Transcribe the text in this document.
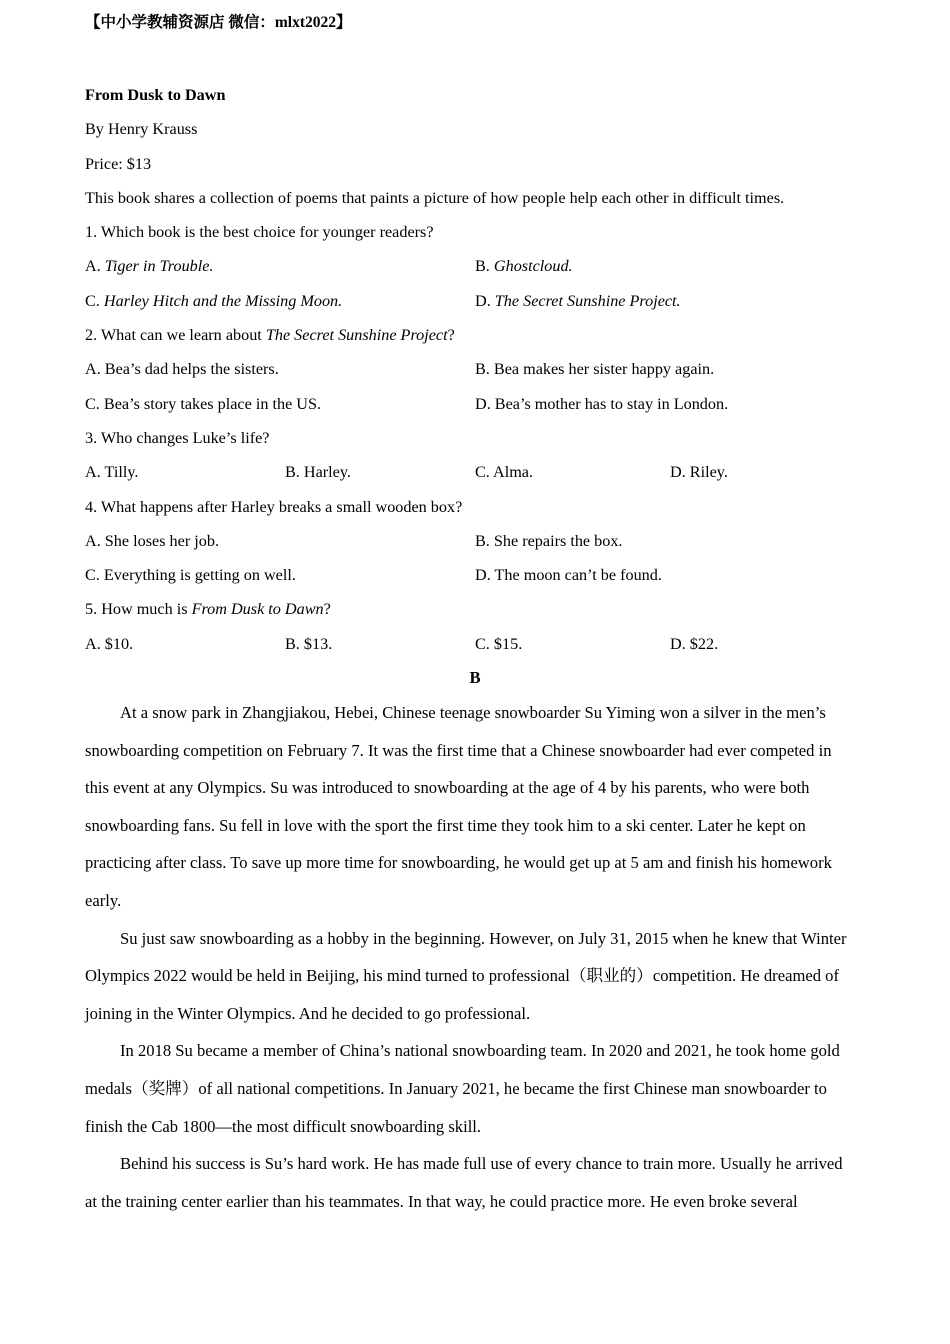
【中小学教辅资源店 微信：mlxt2022】
From Dusk to Dawn
By Henry Krauss
Price: $13
This book shares a collection of poems that paints a picture of how people help each other in difficult times.
1. Which book is the best choice for younger readers?
A. Tiger in Trouble.	B. Ghostcloud.
C. Harley Hitch and the Missing Moon.	D. The Secret Sunshine Project.
2. What can we learn about The Secret Sunshine Project?
A. Bea’s dad helps the sisters.	B. Bea makes her sister happy again.
C. Bea’s story takes place in the US.	D. Bea’s mother has to stay in London.
3. Who changes Luke’s life?
A. Tilly.	B. Harley.	C. Alma.	D. Riley.
4. What happens after Harley breaks a small wooden box?
A. She loses her job.	B. She repairs the box.
C. Everything is getting on well.	D. The moon can’t be found.
5. How much is From Dusk to Dawn?
A. $10.	B. $13.	C. $15.	D. $22.
B
At a snow park in Zhangjiakou, Hebei, Chinese teenage snowboarder Su Yiming won a silver in the men’s
snowboarding competition on February 7. It was the first time that a Chinese snowboarder had ever competed in
this event at any Olympics. Su was introduced to snowboarding at the age of 4 by his parents, who were both
snowboarding fans. Su fell in love with the sport the first time they took him to a ski center. Later he kept on
practicing after class. To save up more time for snowboarding, he would get up at 5 am and finish his homework
early.
Su just saw snowboarding as a hobby in the beginning. However, on July 31, 2015 when he knew that Winter
Olympics 2022 would be held in Beijing, his mind turned to professional（职业的）competition. He dreamed of
joining in the Winter Olympics. And he decided to go professional.
In 2018 Su became a member of China’s national snowboarding team. In 2020 and 2021, he took home gold
medals（奖牌）of all national competitions. In January 2021, he became the first Chinese man snowboarder to
finish the Cab 1800—the most difficult snowboarding skill.
Behind his success is Su’s hard work. He has made full use of every chance to train more. Usually he arrived
at the training center earlier than his teammates. In that way, he could practice more. He even broke several
